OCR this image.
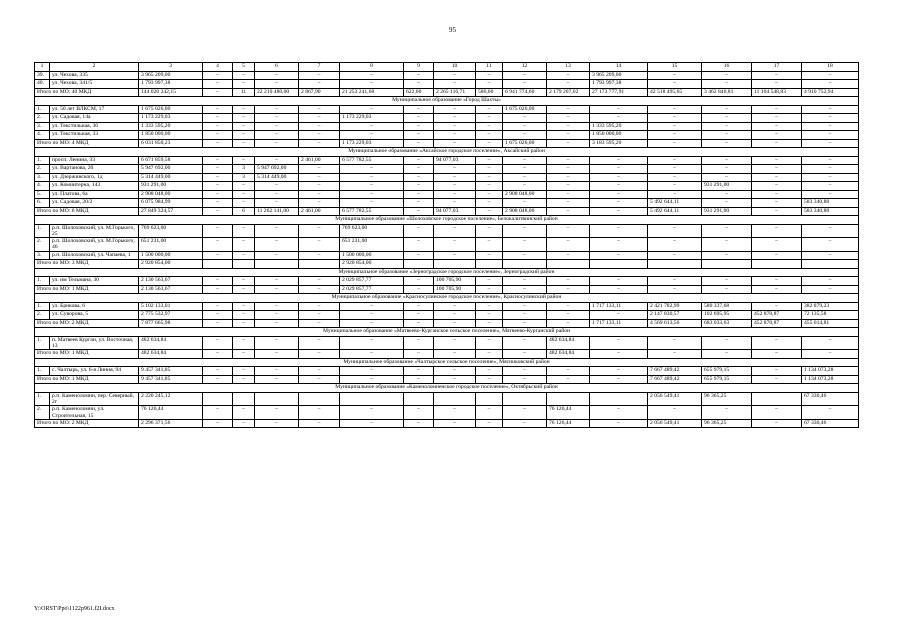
95
1	2	3	4	5	6	7	8	9	10	11	12	13	14	15	16	17	18
39.	ул. Чехова, 335	3 965 209,00	–	–	–	–	–	–	–	–	–	–	3 965 209,00	–	–	–	–
40.	ул. Чехова, 341/5	1 793 997,38	–	–	–	–	–	–	–	–	–	–	1 793 997,38	–	–	–	–
Итого по МО: 40 МКД		144 020 242,15	–	11	22 210 480,00	2 867,90	21 253 241,68	622,60	2 265 116,71	586,60	6 941 774,60	2 179 207,02	27 173 777,91	42 518 495,65	3 462 846,81	11 104 548,83	4 910 752,94
Муниципальное образование «Город Шахты»																	
1.	ул. 50 лет ВЛКСМ, 17	1 675 026,00	–	–	–	–	–	–	–	–	1 675 026,00	–	–	–	–	–	–
2.	ул. Садовая, 14а	1 173 229,03	–	–	–	–	1 173 229,03	–	–	–	–	–	–	–	–	–	–
3.	ул. Текстильная, 36	1 333 595,20	–	–	–	–	–	–	–	–	–	–	1 333 595,20	–	–	–	–
4.	ул. Текстильная, 33	1 850 000,00	–	–	–	–	–	–	–	–	–	–	1 850 000,00	–	–	–	–
Итого по МО: 4 МКД		6 031 850,23	–	–	–	–	1 173 229,03	–	–	–	1 675 026,00	–	3 183 595,20	–	–	–	–
Муниципальное образование «Аксайское городское поселение», Аксайский район																	
1.	просп. Ленина, 33	6 671 859,58	–	–	–	2 461,00	6 577 782,55	–	94 077,03	–	–	–	–	–	–	–	–
2.	ул. Вартанова, 20	5 947 692,00	–	3	5 947 692,00	–	–	–	–	–	–	–	–	–	–	–	–
3.	ул. Дзержинского, 1д	5 314 449,00	–	3	5 314 449,00	–	–	–	–	–	–	–	–	–	–	–	–
4.	ул. Коминтерна, 143	931 291,00	–	–	–	–	–	–	–	–	–	–	–	–	931 291,00	–	–
5.	ул. Платова, 6а	2 908 048,00	–	–	–	–	–	–	–	–	2 908 048,00	–	–	–	–	–	–
6.	ул. Садовая, 20/2	6 075 984,99	–	–	–	–	–	–	–	–	–	–	–	5 492 644,11	–	–	583 340,88
Итого по МО: 6 МКД		27 849 324,57	–	6	11 262 141,00	2 461,00	6 577 782,55	–	94 077,03	–	2 908 048,00	–	–	5 492 644,11	931 291,00	–	583 340,88
Муниципальное образование «Шолоховское городское поселение», Белокалитвинский район																	
1.	р.п. Шолоховский, ул. М.Горького, 25	769 623,00	–	–	–	–	769 623,00	–	–	–	–	–	–	–	–	–	–
2.	р.п. Шолоховский, ул. М.Горького, 46	651 231,00	–	–	–	–	651 231,00	–	–	–	–	–	–	–	–	–	–
3.	р.п. Шолоховский, ул. Чапаева, 1	1 500 000,00	–	–	–	–	1 500 000,00	–	–	–	–	–	–	–	–	–	–
Итого по МО: 3 МКД		2 920 854,00					2 920 854,00										
Муниципальное образование «Зерноградское городское поселение», Зерноградский район																	
1.	ул. им Тельмана, 30	2 130 563,67	–	–	–	–	2 029 857,77	–	100 705,90	–	–	–	–	–	–	–	–
Итого по МО: 1 МКД		2 130 563,67	–	–	–	–	2 029 857,77	–	100 705,90	–	–	–	–	–	–	–	–
Муниципальное образование «Красносулинское городское поселение», Красносулинский район																	
1.	ул. Брикова, 6	5 102 133,01	–	–	–	–	–	–	–	–	–	–	1 717 133,11	2 421 782,99	580 337,68	–	382 879,23
2.	ул. Суворова, 5	2 775 532,97	–	–	–	–	–	–	–	–	–	–	–	2 147 830,57	102 695,95	452 870,87	72 135,58
Итого по МО: 2 МКД		7 877 665,98	–	–	–	–	–	–	–	–	–	–	1 717 133,11	4 569 613,56	683 033,63	452 870,87	455 014,81
Муниципальное образование «Матвеево-Курганское сельское поселение», Матвеево-Курганский район																	
1.	п. Матвеев Курган, ул. Восточная, 13	482 634,84	–	–	–	–	–	–	–	–	–	482 634,84	–	–	–	–	–
Итого по МО: 1 МКД		482 634,84	–	–	–	–	–	–	–	–	–	482 634,84	–	–	–	–	–
Муниципальное образование «Чалтырское сельское поселение», Мясниковский район																	
1.	с. Чалтырь, ул. 6-я Линия, 94	9 457 341,85	–	–	–	–	–	–	–	–	–	–	–	7 667 489,42	655 979,15	–	1 134 073,28
Итого по МО: 1 МКД		9 457 341,85	–	–	–	–	–	–	–	–	–	–	–	7 667 489,42	655 979,15	–	1 134 073,28
Муниципальное образование «Каменоломненское городское поселение», Октябрьский район																	
1.	р.п. Каменоломни, пер. Северный, 2г	2 220 245,12												2 056 549,41	96 365,25		67 330,46
2.	р.п. Каменоломни, ул. Строительная, 15	76 126,44	–	–	–	–	–	–	–	–	–	76 126,44	–	–	–	–	–
Итого по МО: 2 МКД		2 296 371,56	–	–	–	–	–	–	–	–	–	76 126,44	–	2 056 549,41	96 365,25	–	67 330,46
Y:\ORST\Ppo\1122p961.f2I.docx
